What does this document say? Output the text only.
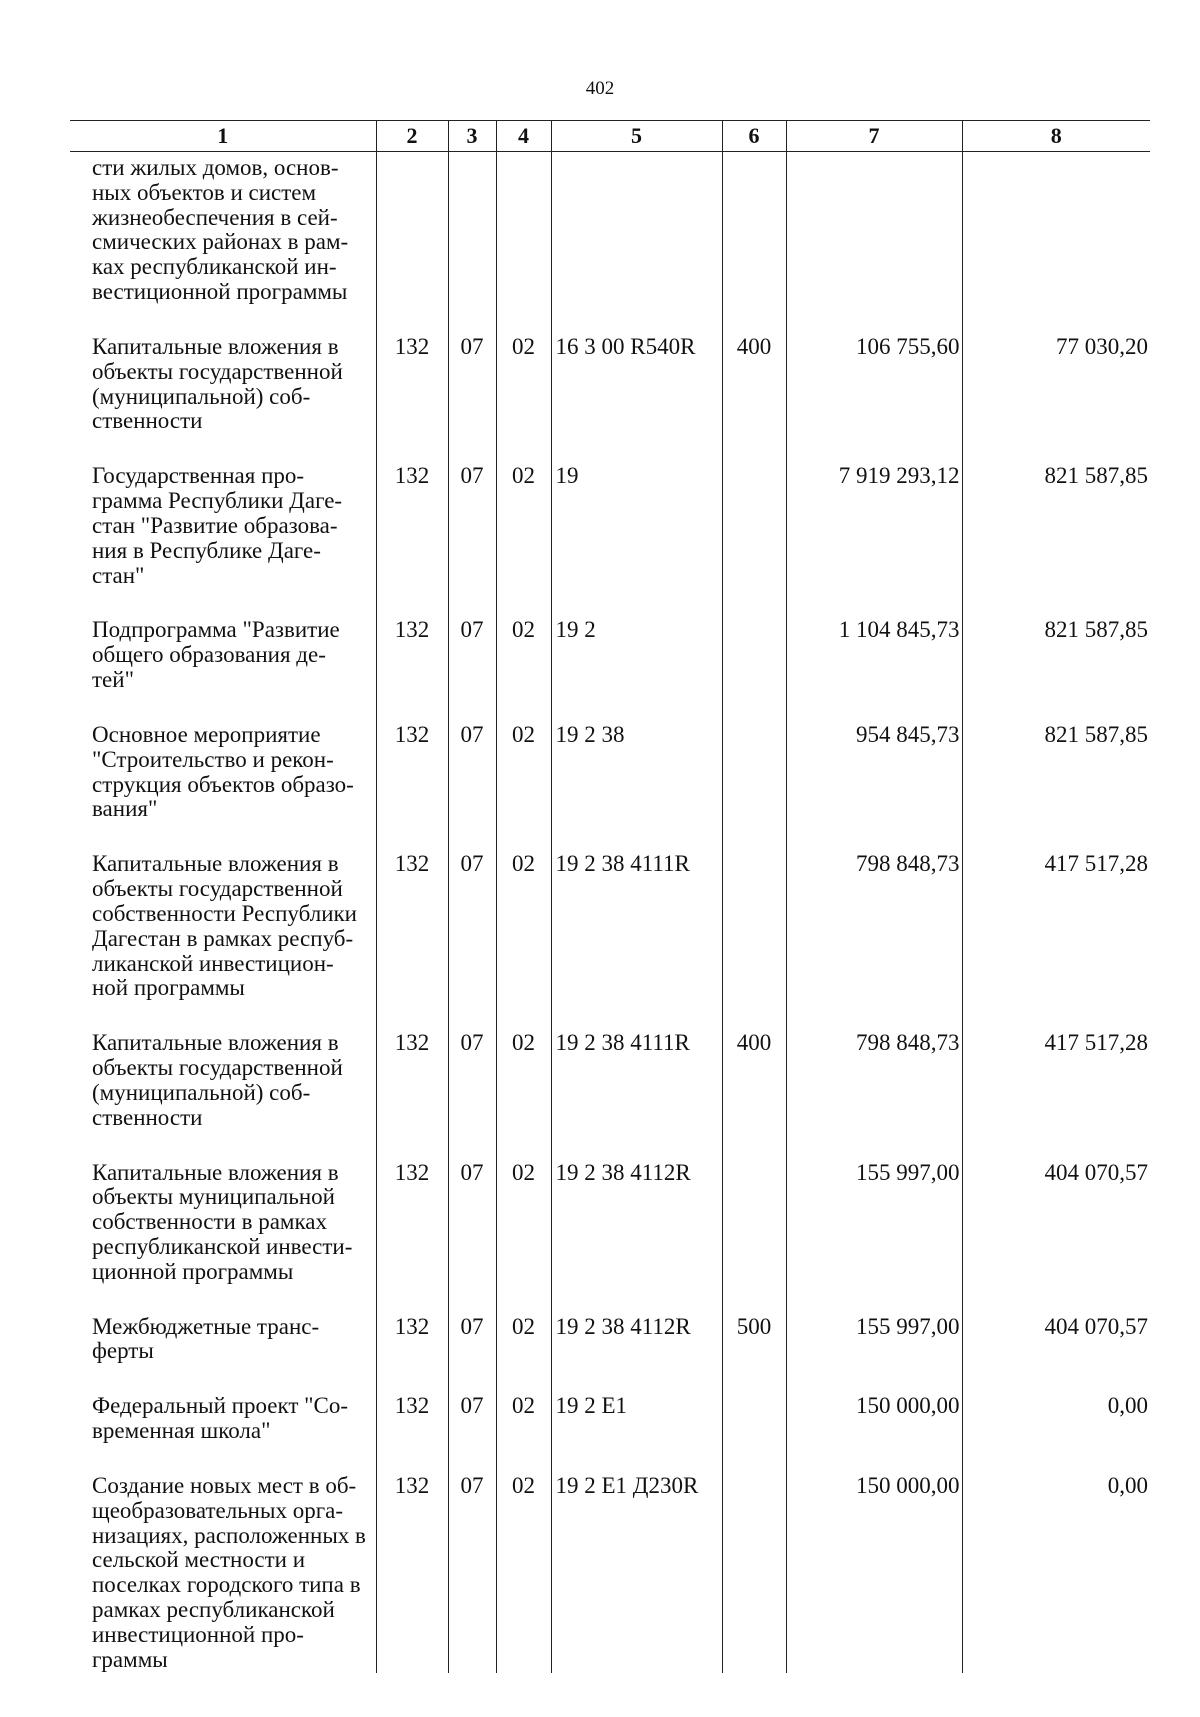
402
1	2	3	4	5	6	7	8
сти жилых домов, основ- ных объектов и систем жизнеобеспечения в сей- смических районах в рам- ках республиканской ин- вестиционной программы							

Капитальные вложения в объекты государственной (муниципальной) соб- ственности	132	07	02	16 3 00 R540R	400	106 755,60	77 030,20

Государственная про- грамма Республики Даге- стан "Развитие образова- ния в Республике Даге- стан"	132	07	02	19		7 919 293,12	821 587,85

Подпрограмма "Развитие общего образования де- тей"	132	07	02	19 2		1 104 845,73	821 587,85

Основное мероприятие "Строительство и рекон- струкция объектов образо- вания"	132	07	02	19 2 38		954 845,73	821 587,85

Капитальные вложения в объекты государственной собственности Республики Дагестан в рамках респуб- ликанской инвестицион- ной программы	132	07	02	19 2 38 4111R		798 848,73	417 517,28

Капитальные вложения в объекты государственной (муниципальной) соб- ственности	132	07	02	19 2 38 4111R	400	798 848,73	417 517,28

Капитальные вложения в объекты муниципальной собственности в рамках республиканской инвести- ционной программы	132	07	02	19 2 38 4112R		155 997,00	404 070,57

Межбюджетные транс- ферты	132	07	02	19 2 38 4112R	500	155 997,00	404 070,57

Федеральный проект "Со- временная школа"	132	07	02	19 2 E1		150 000,00	0,00

Создание новых мест в об- щеобразовательных орга- низациях, расположенных в сельской местности и поселках городского типа в рамках республиканской инвестиционной про- граммы	132	07	02	19 2 E1 Д230R		150 000,00	0,00
